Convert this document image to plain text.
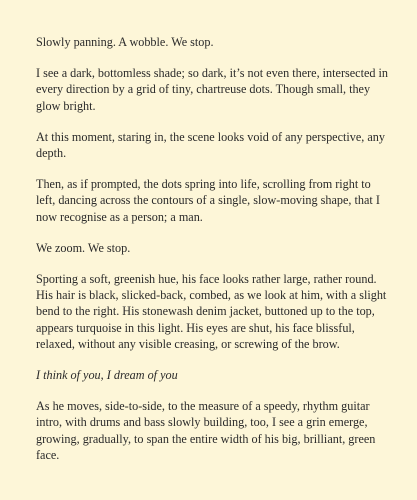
Slowly panning. A wobble. We stop.

I see a dark, bottomless shade; so dark, it’s not even there, intersected in every direction by a grid of tiny, chartreuse dots. Though small, they glow bright.

At this moment, staring in, the scene looks void of any perspective, any depth.

Then, as if prompted, the dots spring into life, scrolling from right to left, dancing across the contours of a single, slow-moving shape, that I now recognise as a person; a man.

We zoom. We stop.

Sporting a soft, greenish hue, his face looks rather large, rather round. His hair is black, slicked-back, combed, as we look at him, with a slight bend to the right. His stonewash denim jacket, buttoned up to the top, appears turquoise in this light. His eyes are shut, his face blissful, relaxed, without any visible creasing, or screwing of the brow.

I think of you, I dream of you

As he moves, side-to-side, to the measure of a speedy, rhythm guitar intro, with drums and bass slowly building, too, I see a grin emerge, growing, gradually, to span the entire width of his big, brilliant, green face.
